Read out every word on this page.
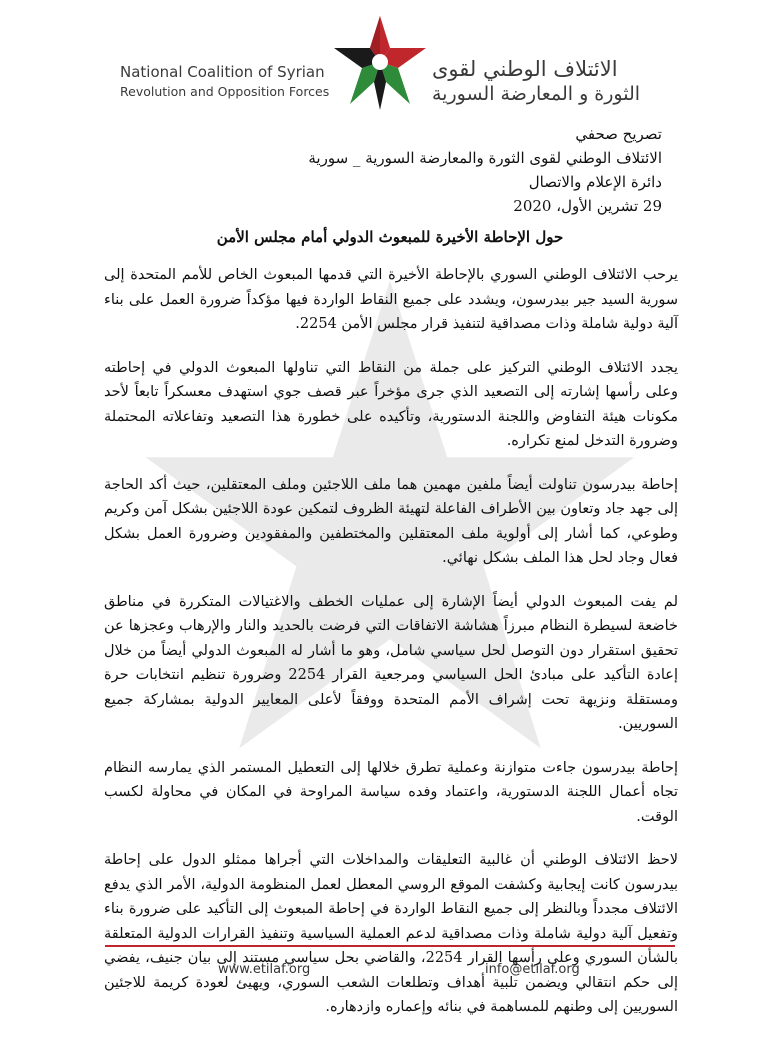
National Coalition of Syrian
Revolution and Opposition Forces
الائتلاف الوطني لقوى
الثورة و المعارضة السورية
تصريح صحفي
الائتلاف الوطني لقوى الثورة والمعارضة السورية _ سورية
دائرة الإعلام والاتصال
29 تشرين الأول، 2020
حول الإحاطة الأخيرة للمبعوث الدولي أمام مجلس الأمن

يرحب الائتلاف الوطني السوري بالإحاطة الأخيرة التي قدمها المبعوث الخاص للأمم المتحدة إلى سورية السيد جير بيدرسون، ويشدد على جميع النقاط الواردة فيها مؤكداً ضرورة العمل على بناء آلية دولية شاملة وذات مصداقية لتنفيذ قرار مجلس الأمن 2254.

يجدد الائتلاف الوطني التركيز على جملة من النقاط التي تناولها المبعوث الدولي في إحاطته وعلى رأسها إشارته إلى التصعيد الذي جرى مؤخراً عبر قصف جوي استهدف معسكراً تابعاً لأحد مكونات هيئة التفاوض واللجنة الدستورية، وتأكيده على خطورة هذا التصعيد وتفاعلاته المحتملة وضرورة التدخل لمنع تكراره.

إحاطة بيدرسون تناولت أيضاً ملفين مهمين هما ملف اللاجئين وملف المعتقلين، حيث أكد الحاجة إلى جهد جاد وتعاون بين الأطراف الفاعلة لتهيئة الظروف لتمكين عودة اللاجئين بشكل آمن وكريم وطوعي، كما أشار إلى أولوية ملف المعتقلين والمختطفين والمفقودين وضرورة العمل بشكل فعال وجاد لحل هذا الملف بشكل نهائي.

لم يفت المبعوث الدولي أيضاً الإشارة إلى عمليات الخطف والاغتيالات المتكررة في مناطق خاضعة لسيطرة النظام مبرزاً هشاشة الاتفاقات التي فرضت بالحديد والنار والإرهاب وعجزها عن تحقيق استقرار دون التوصل لحل سياسي شامل، وهو ما أشار له المبعوث الدولي أيضاً من خلال إعادة التأكيد على مبادئ الحل السياسي ومرجعية القرار 2254 وضرورة تنظيم انتخابات حرة ومستقلة ونزيهة تحت إشراف الأمم المتحدة ووفقاً لأعلى المعايير الدولية بمشاركة جميع السوريين.

إحاطة بيدرسون جاءت متوازنة وعملية تطرق خلالها إلى التعطيل المستمر الذي يمارسه النظام تجاه أعمال اللجنة الدستورية، واعتماد وفده سياسة المراوحة في المكان في محاولة لكسب الوقت.

لاحظ الائتلاف الوطني أن غالبية التعليقات والمداخلات التي أجراها ممثلو الدول على إحاطة بيدرسون كانت إيجابية وكشفت الموقع الروسي المعطل لعمل المنظومة الدولية، الأمر الذي يدفع الائتلاف مجدداً وبالنظر إلى جميع النقاط الواردة في إحاطة المبعوث إلى التأكيد على ضرورة بناء وتفعيل آلية دولية شاملة وذات مصداقية لدعم العملية السياسية وتنفيذ القرارات الدولية المتعلقة بالشأن السوري وعلى رأسها القرار 2254، والقاضي بحل سياسي مستند إلى بيان جنيف، يفضي إلى حكم انتقالي ويضمن تلبية أهداف وتطلعات الشعب السوري، ويهيئ لعودة كريمة للاجئين السوريين إلى وطنهم للمساهمة في بنائه وإعماره وازدهاره.

www.etilaf.org	info@etilaf.org
